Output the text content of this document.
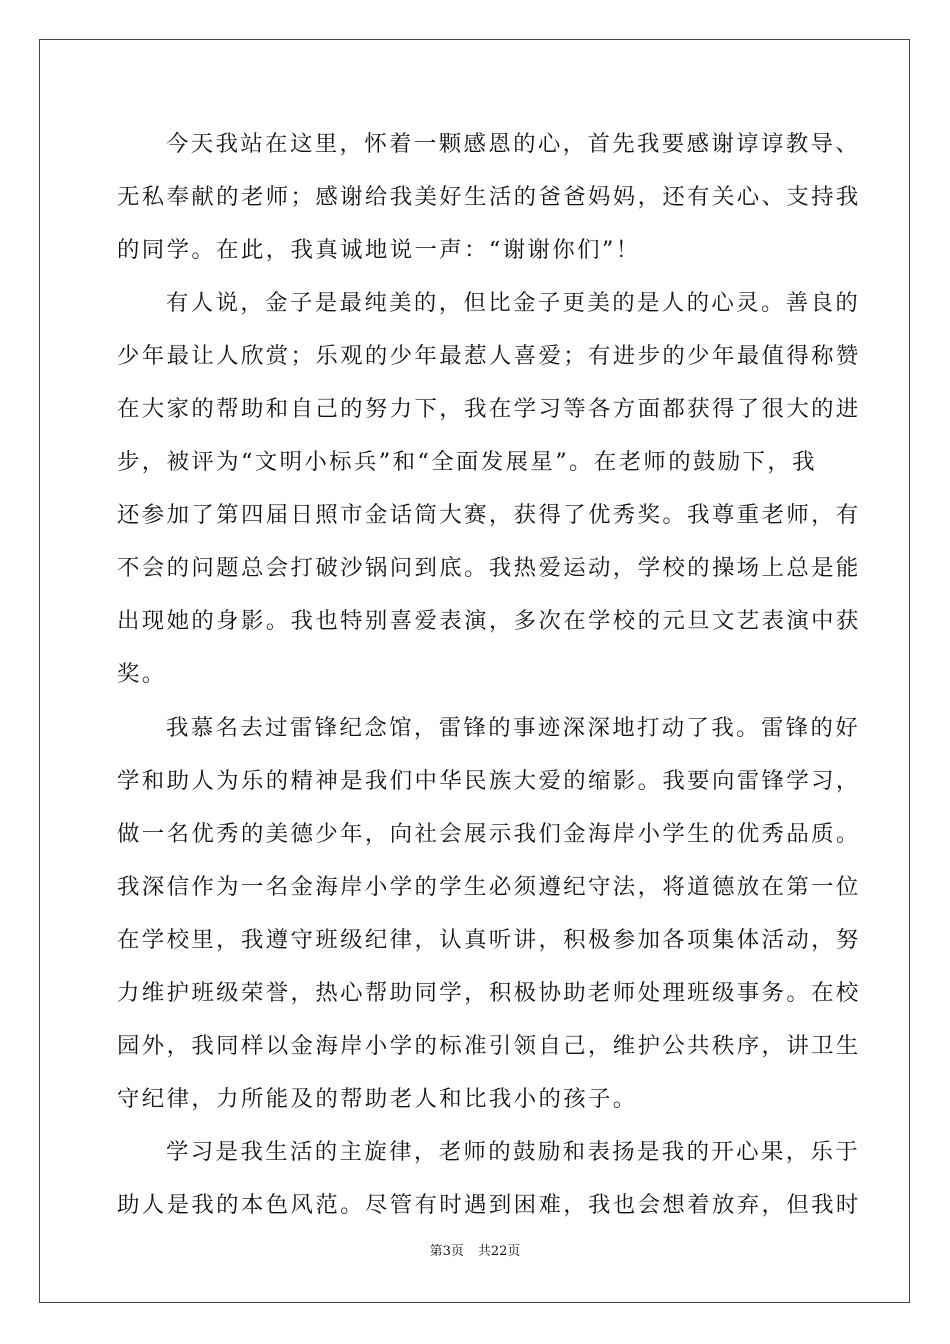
今天我站在这里，怀着一颗感恩的心，首先我要感谢谆谆教导、
无私奉献的老师；感谢给我美好生活的爸爸妈妈，还有关心、支持我
的同学。在此，我真诚地说一声：“谢谢你们”！
有人说，金子是最纯美的，但比金子更美的是人的心灵。善良的
少年最让人欣赏；乐观的少年最惹人喜爱；有进步的少年最值得称赞
在大家的帮助和自己的努力下，我在学习等各方面都获得了很大的进
步，被评为“文明小标兵”和“全面发展星”。在老师的鼓励下，我
还参加了第四届日照市金话筒大赛，获得了优秀奖。我尊重老师，有
不会的问题总会打破沙锅问到底。我热爱运动，学校的操场上总是能
出现她的身影。我也特别喜爱表演，多次在学校的元旦文艺表演中获
奖。
我慕名去过雷锋纪念馆，雷锋的事迹深深地打动了我。雷锋的好
学和助人为乐的精神是我们中华民族大爱的缩影。我要向雷锋学习，
做一名优秀的美德少年，向社会展示我们金海岸小学生的优秀品质。
我深信作为一名金海岸小学的学生必须遵纪守法，将道德放在第一位
在学校里，我遵守班级纪律，认真听讲，积极参加各项集体活动，努
力维护班级荣誉，热心帮助同学，积极协助老师处理班级事务。在校
园外，我同样以金海岸小学的标准引领自己，维护公共秩序，讲卫生
守纪律，力所能及的帮助老人和比我小的孩子。
学习是我生活的主旋律，老师的鼓励和表扬是我的开心果，乐于
助人是我的本色风范。尽管有时遇到困难，我也会想着放弃，但我时
第3页 共22页
